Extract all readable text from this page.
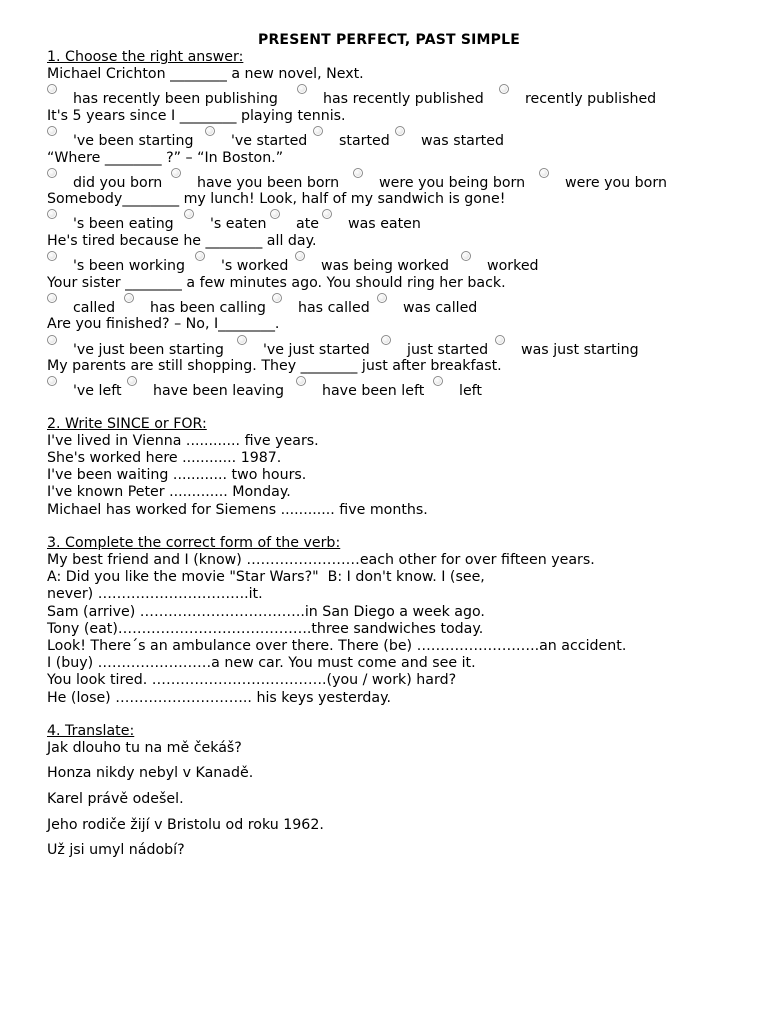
PRESENT PERFECT, PAST SIMPLE
1. Choose the right answer:
Michael Crichton ________ a new novel, Next.
has recently been publishing	has recently published	recently published
It's 5 years since I ________ playing tennis.
've been starting	've started started was started
“Where ________ ?” – “In Boston.”
did you born have you been born	were you being born	were you born
Somebody________ my lunch! Look, half of my sandwich is gone!
's been eating	's eaten ate was eaten
He's tired because he ________ all day.
's been working	's worked was being worked	worked
Your sister ________ a few minutes ago. You should ring her back.
called has been calling has called was called
Are you finished? – No, I________.
've just been starting	've just started	just started was just starting
My parents are still shopping. They ________ just after breakfast.
've left have been leaving	have been left left
2. Write SINCE or FOR:
I've lived in Vienna ............ five years.
She's worked here ............ 1987.
I've been waiting ............ two hours.
I've known Peter ............. Monday.
Michael has worked for Siemens ............ five months.
3. Complete the correct form of the verb:
My best friend and I (know) ……………………each other for over fifteen years.
A: Did you like the movie "Star Wars?"  B: I don't know. I (see,
never) …………………………..it.
Sam (arrive) ……………………………..in San Diego a week ago.
Tony (eat)…………………………………..three sandwiches today.
Look! There´s an ambulance over there. There (be) ……………………..an accident.
I (buy) ……………………a new car. You must come and see it.
You look tired. ……………………………….(you / work) hard?
He (lose) ……………………….. his keys yesterday.
4. Translate:
Jak dlouho tu na mě čekáš?
Honza nikdy nebyl v Kanadě.
Karel právě odešel.
Jeho rodiče žijí v Bristolu od roku 1962.
Už jsi umyl nádobí?
